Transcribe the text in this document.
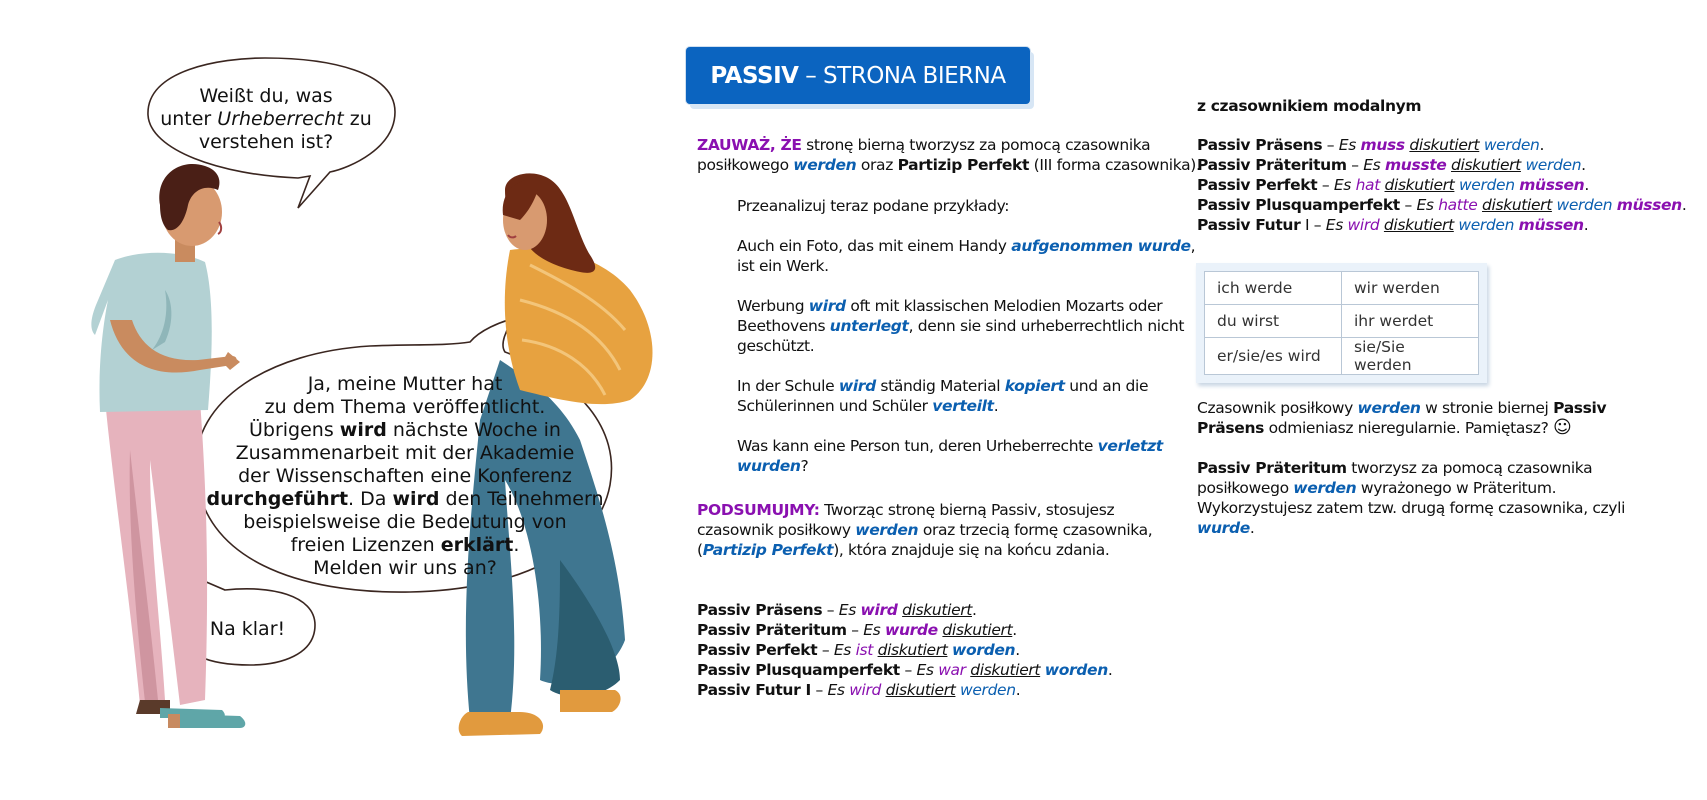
Weißt du, was

unter Urheberrecht zu

verstehen ist?

Ja, meine Mutter hat

zu dem Thema veröffentlicht.

Übrigens wird nächste Woche in

Zusammenarbeit mit der Akademie

der Wissenschaften eine Konferenz

durchgeführt. Da wird den Teilnehmern

beispielsweise die Bedeutung von

freien Lizenzen erklärt.

Melden wir uns an?

Na klar!
PASSIV – STRONA BIERNA
ZAUWAŻ, ŻE stronę bierną tworzysz za pomocą czasownika
posiłkowego werden oraz Partizip Perfekt (III forma czasownika).
Przeanalizuj teraz podane przykłady:
Auch ein Foto, das mit einem Handy aufgenommen wurde,
ist ein Werk.
Werbung wird oft mit klassischen Melodien Mozarts oder
Beethovens unterlegt, denn sie sind urheberrechtlich nicht
geschützt.
In der Schule wird ständig Material kopiert und an die
Schülerinnen und Schüler verteilt.
Was kann eine Person tun, deren Urheberrechte verletzt
wurden?
PODSUMUJMY: Tworząc stronę bierną Passiv, stosujesz
czasownik posiłkowy werden oraz trzecią formę czasownika,
(Partizip Perfekt), która znajduje się na końcu zdania.
Passiv Präsens – Es wird diskutiert.
Passiv Präteritum – Es wurde diskutiert.
Passiv Perfekt – Es ist diskutiert worden.
Passiv Plusquamperfekt – Es war diskutiert worden.
Passiv Futur I – Es wird diskutiert werden.
z czasownikiem modalnym
Passiv Präsens – Es muss diskutiert werden.
Passiv Präteritum – Es musste diskutiert werden.
Passiv Perfekt – Es hat diskutiert werden müssen.
Passiv Plusquamperfekt – Es hatte diskutiert werden müssen.
Passiv Futur I – Es wird diskutiert werden müssen.
ich werde	wir werden
du wirst	ihr werdet
er/sie/es wird	sie/Sie werden
Czasownik posiłkowy werden w stronie biernej Passiv
Präsens odmieniasz nieregularnie. Pamiętasz? ☺
Passiv Präteritum tworzysz za pomocą czasownika
posiłkowego werden wyrażonego w Präteritum.
Wykorzystujesz zatem tzw. drugą formę czasownika, czyli
wurde.
